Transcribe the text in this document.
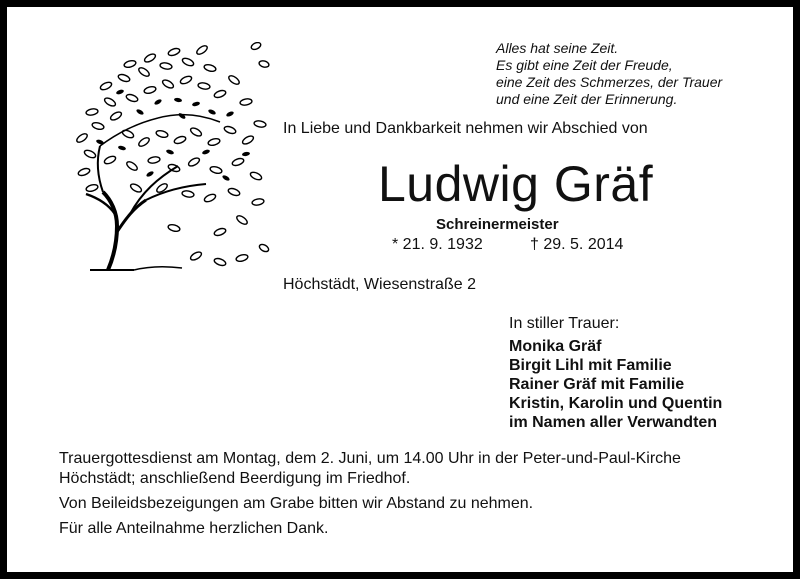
Alles hat seine Zeit.
Es gibt eine Zeit der Freude,
eine Zeit des Schmerzes, der Trauer
und eine Zeit der Erinnerung.
In Liebe und Dankbarkeit nehmen wir Abschied von
Ludwig Gräf
Schreinermeister
* 21. 9. 1932	† 29. 5. 2014
Höchstädt, Wiesenstraße 2
In stiller Trauer:
Monika Gräf
Birgit Lihl mit Familie
Rainer Gräf mit Familie
Kristin, Karolin und Quentin
im Namen aller Verwandten

Trauergottesdienst am Montag, dem 2. Juni, um 14.00 Uhr in der Peter-und-Paul-Kirche

Höchstädt; anschließend Beerdigung im Friedhof.

Von Beileidsbezeigungen am Grabe bitten wir Abstand zu nehmen.

Für alle Anteilnahme herzlichen Dank.
